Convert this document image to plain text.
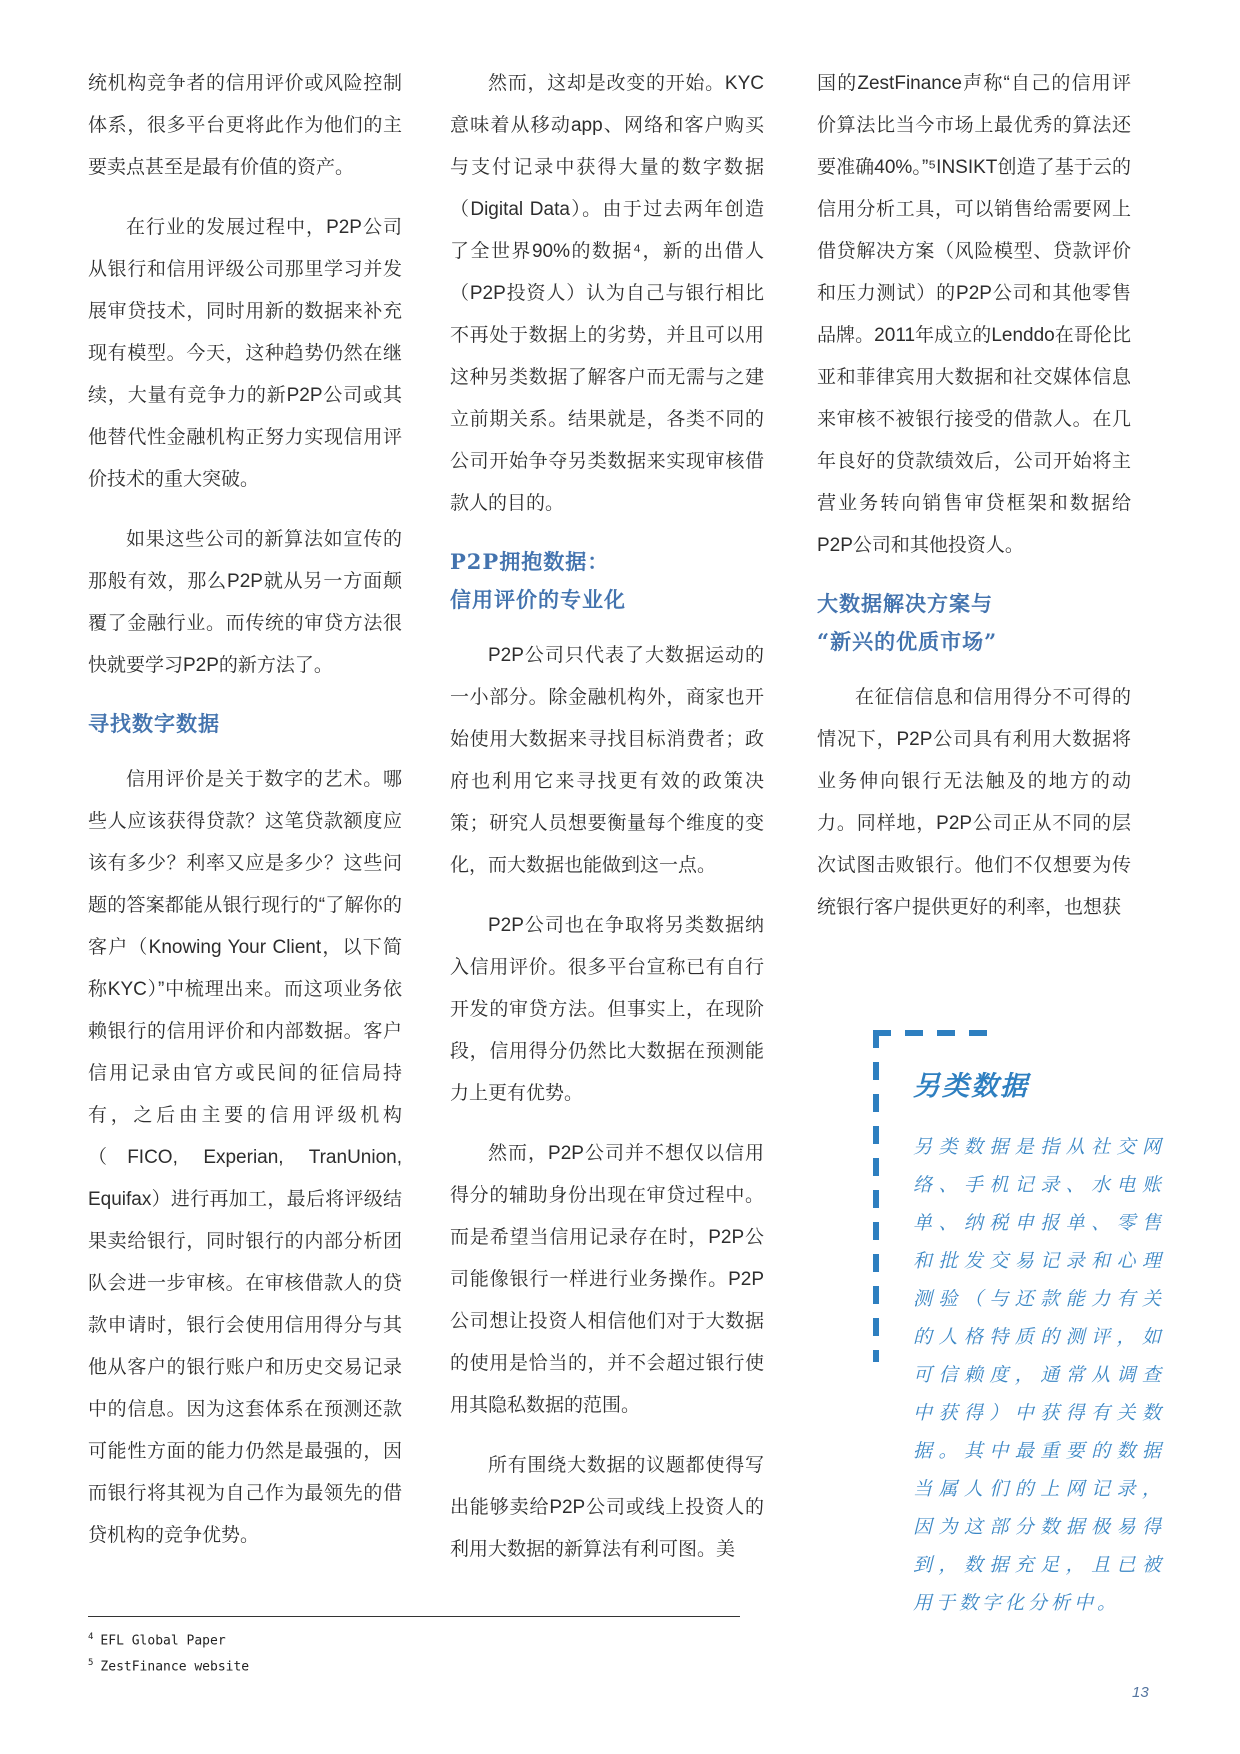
统机构竞争者的信用评价或风险控制体系，很多平台更将此作为他们的主要卖点甚至是最有价值的资产。

在行业的发展过程中，P2P公司从银行和信用评级公司那里学习并发展审贷技术，同时用新的数据来补充现有模型。今天，这种趋势仍然在继续，大量有竞争力的新P2P公司或其他替代性金融机构正努力实现信用评价技术的重大突破。

如果这些公司的新算法如宣传的那般有效，那么P2P就从另一方面颠覆了金融行业。而传统的审贷方法很快就要学习P2P的新方法了。

寻找数字数据

信用评价是关于数字的艺术。哪些人应该获得贷款？这笔贷款额度应该有多少？利率又应是多少？这些问题的答案都能从银行现行的“了解你的客户（Knowing Your Client，以下简称KYC）”中梳理出来。而这项业务依赖银行的信用评价和内部数据。客户信用记录由官方或民间的征信局持有，之后由主要的信用评级机构（FICO, Experian, TranUnion, Equifax）进行再加工，最后将评级结果卖给银行，同时银行的内部分析团队会进一步审核。在审核借款人的贷款申请时，银行会使用信用得分与其他从客户的银行账户和历史交易记录中的信息。因为这套体系在预测还款可能性方面的能力仍然是最强的，因而银行将其视为自己作为最领先的借贷机构的竞争优势。

然而，这却是改变的开始。KYC意味着从移动app、网络和客户购买与支付记录中获得大量的数字数据（Digital Data）。由于过去两年创造了全世界90%的数据⁴，新的出借人（P2P投资人）认为自己与银行相比不再处于数据上的劣势，并且可以用这种另类数据了解客户而无需与之建立前期关系。结果就是，各类不同的公司开始争夺另类数据来实现审核借款人的目的。

P2P拥抱数据：
信用评价的专业化

P2P公司只代表了大数据运动的一小部分。除金融机构外，商家也开始使用大数据来寻找目标消费者；政府也利用它来寻找更有效的政策决策；研究人员想要衡量每个维度的变化，而大数据也能做到这一点。

P2P公司也在争取将另类数据纳入信用评价。很多平台宣称已有自行开发的审贷方法。但事实上，在现阶段，信用得分仍然比大数据在预测能力上更有优势。

然而，P2P公司并不想仅以信用得分的辅助身份出现在审贷过程中。而是希望当信用记录存在时，P2P公司能像银行一样进行业务操作。P2P公司想让投资人相信他们对于大数据的使用是恰当的，并不会超过银行使用其隐私数据的范围。

所有围绕大数据的议题都使得写出能够卖给P2P公司或线上投资人的利用大数据的新算法有利可图。美

国的ZestFinance声称“自己的信用评价算法比当今市场上最优秀的算法还要准确40%。”⁵INSIKT创造了基于云的信用分析工具，可以销售给需要网上借贷解决方案（风险模型、贷款评价和压力测试）的P2P公司和其他零售品牌。2011年成立的Lenddo在哥伦比亚和菲律宾用大数据和社交媒体信息来审核不被银行接受的借款人。在几年良好的贷款绩效后，公司开始将主营业务转向销售审贷框架和数据给P2P公司和其他投资人。

大数据解决方案与
“新兴的优质市场”

在征信信息和信用得分不可得的情况下，P2P公司具有利用大数据将业务伸向银行无法触及的地方的动力。同样地，P2P公司正从不同的层次试图击败银行。他们不仅想要为传统银行客户提供更好的利率，也想获

另类数据

另类数据是指从社交网络、手机记录、水电账单、纳税申报单、零售和批发交易记录和心理测验（与还款能力有关的人格特质的测评，如可信赖度，通常从调查中获得）中获得有关数据。其中最重要的数据当属人们的上网记录，因为这部分数据极易得到，数据充足，且已被用于数字化分析中。

$^4$ EFL Global Paper
$^5$ ZestFinance website
13
